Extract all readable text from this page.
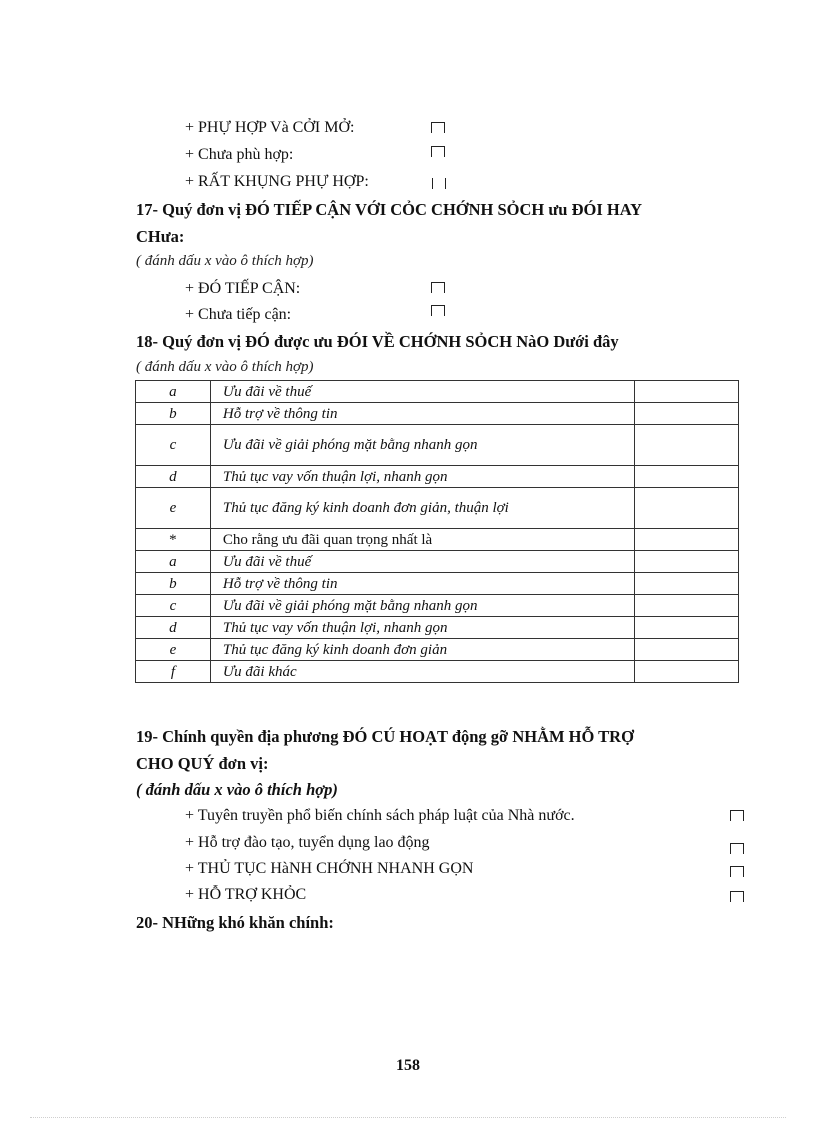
+ PHỰ HỢP Và CỞI MỞ:
+ Chưa phù hợp:
+ RẤT KHỤNG PHỰ HỢP:
17- Quý đơn vị ĐÓ TIẾP CẬN VỚI CỎC CHỚNH SỎCH ưu ĐÓI HAY
CHưa:
( đánh dấu x vào ô thích hợp)
+ ĐÓ TIẾP CẬN:
+ Chưa tiếp cận:
18- Quý đơn vị ĐÓ được ưu ĐÓI VỀ CHỚNH SỎCH NàO Dưới đây
( đánh dấu x vào ô thích hợp)
a	Ưu đãi về thuế	
b	Hỗ trợ về thông tin	
c	Ưu đãi về giải phóng mặt bằng nhanh gọn	
d	Thủ tục vay vốn thuận lợi, nhanh gọn	
e	Thủ tục đăng ký kinh doanh đơn giản, thuận lợi	
*	Cho rằng ưu đãi quan trọng nhất là	
a	Ưu đãi về thuế	
b	Hỗ trợ về thông tin	
c	Ưu đãi về giải phóng mặt bằng nhanh gọn	
d	Thủ tục vay vốn thuận lợi, nhanh gọn	
e	Thủ tục đăng ký kinh doanh đơn giản	
f	Ưu đãi khác	
19- Chính quyền địa phương ĐÓ CÚ HOẠT động gỡ NHẰM HỖ TRỢ
CHO QUÝ đơn vị:
( đánh dấu x vào ô thích hợp)
+ Tuyên truyền phổ biến chính sách pháp luật của Nhà nước.
+ Hỗ trợ đào tạo, tuyển dụng lao động
+ THỦ TỤC HàNH CHỚNH NHANH GỌN
+ HỖ TRỢ KHỎC
20- NHững khó khăn chính:
158
